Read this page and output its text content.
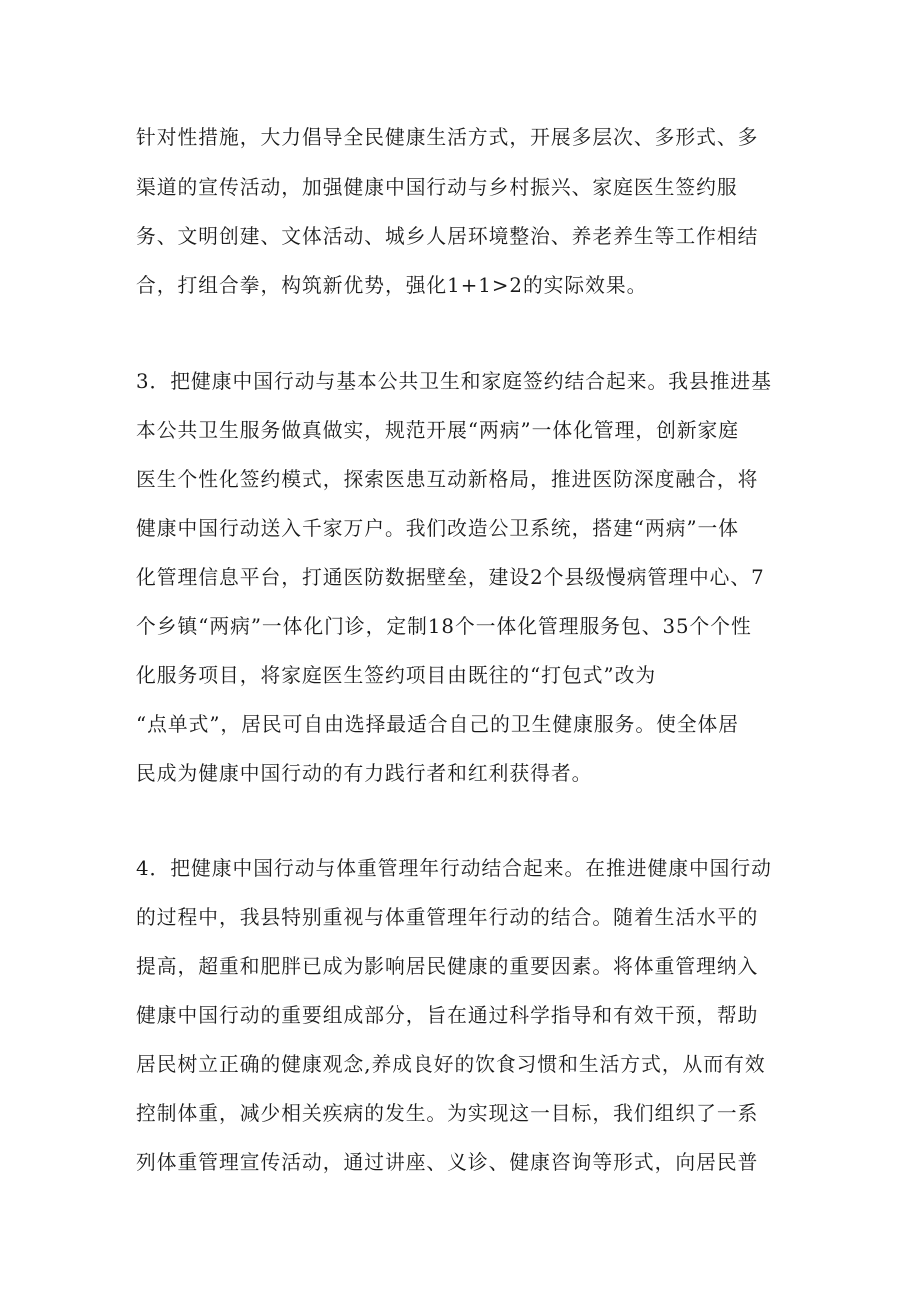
针对性措施，大力倡导全民健康生活方式，开展多层次、多形式、多
渠道的宣传活动，加强健康中国行动与乡村振兴、家庭医生签约服
务、文明创建、文体活动、城乡人居环境整治、养老养生等工作相结
合，打组合拳，构筑新优势，强化1+1>2的实际效果。
3．把健康中国行动与基本公共卫生和家庭签约结合起来。我县推进基
本公共卫生服务做真做实，规范开展“两病”一体化管理，创新家庭
医生个性化签约模式，探索医患互动新格局，推进医防深度融合，将
健康中国行动送入千家万户。我们改造公卫系统，搭建“两病”一体
化管理信息平台，打通医防数据壁垒，建设2个县级慢病管理中心、7
个乡镇“两病”一体化门诊，定制18个一体化管理服务包、35个个性
化服务项目，将家庭医生签约项目由既往的“打包式”改为
“点单式”，居民可自由选择最适合自己的卫生健康服务。使全体居
民成为健康中国行动的有力践行者和红利获得者。
4．把健康中国行动与体重管理年行动结合起来。在推进健康中国行动
的过程中，我县特别重视与体重管理年行动的结合。随着生活水平的
提高，超重和肥胖已成为影响居民健康的重要因素。将体重管理纳入
健康中国行动的重要组成部分，旨在通过科学指导和有效干预，帮助
居民树立正确的健康观念,养成良好的饮食习惯和生活方式，从而有效
控制体重，减少相关疾病的发生。为实现这一目标，我们组织了一系
列体重管理宣传活动，通过讲座、义诊、健康咨询等形式，向居民普
